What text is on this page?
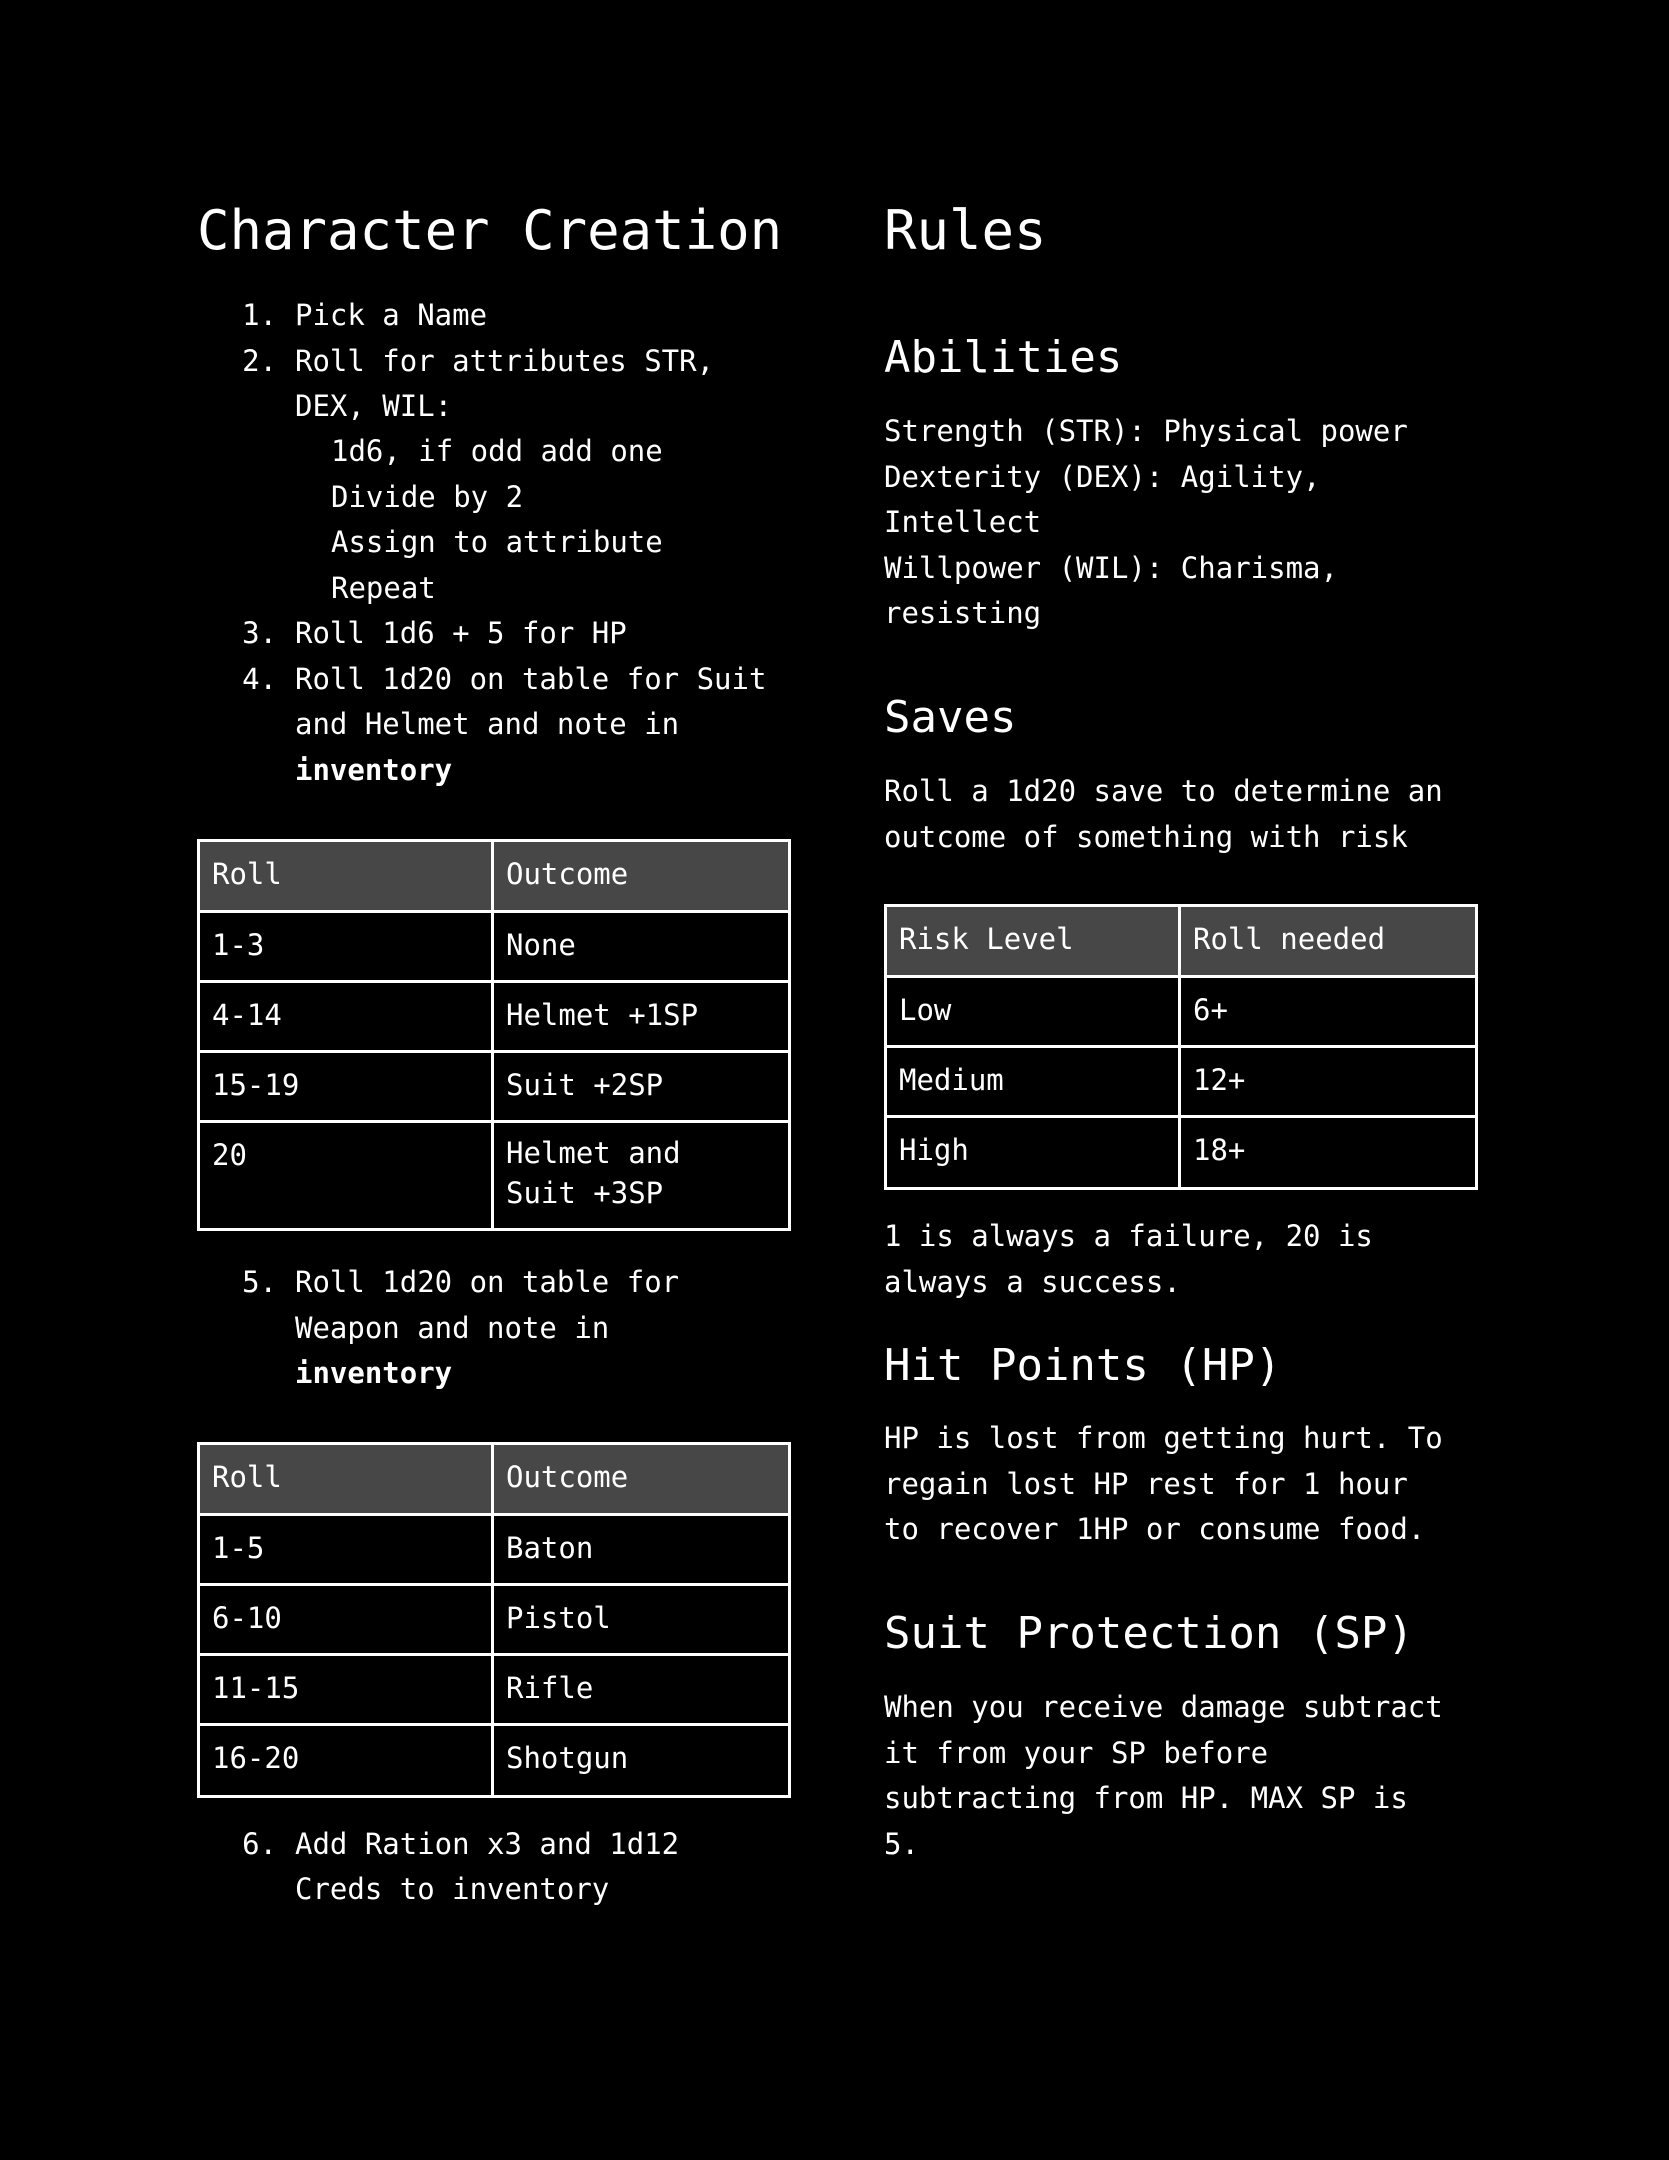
Character Creation
1. Pick a Name
2. Roll for attributes STR,
DEX, WIL:
1d6, if odd add one
Divide by 2
Assign to attribute
Repeat
3. Roll 1d6 + 5 for HP
4. Roll 1d20 on table for Suit
and Helmet and note in
inventory
Roll	Outcome
1-3	None
4-14	Helmet +1SP
15-19	Suit +2SP
20	Helmet and
Suit +3SP
5. Roll 1d20 on table for
Weapon and note in
inventory
Roll	Outcome
1-5	Baton
6-10	Pistol
11-15	Rifle
16-20	Shotgun
6. Add Ration x3 and 1d12
Creds to inventory
Rules
Abilities
Strength (STR): Physical power
Dexterity (DEX): Agility,
Intellect
Willpower (WIL): Charisma,
resisting
Saves
Roll a 1d20 save to determine an
outcome of something with risk
Risk Level	Roll needed
Low	6+
Medium	12+
High	18+
1 is always a failure, 20 is
always a success.
Hit Points (HP)
HP is lost from getting hurt. To
regain lost HP rest for 1 hour
to recover 1HP or consume food.
Suit Protection (SP)
When you receive damage subtract
it from your SP before
subtracting from HP. MAX SP is
5.
